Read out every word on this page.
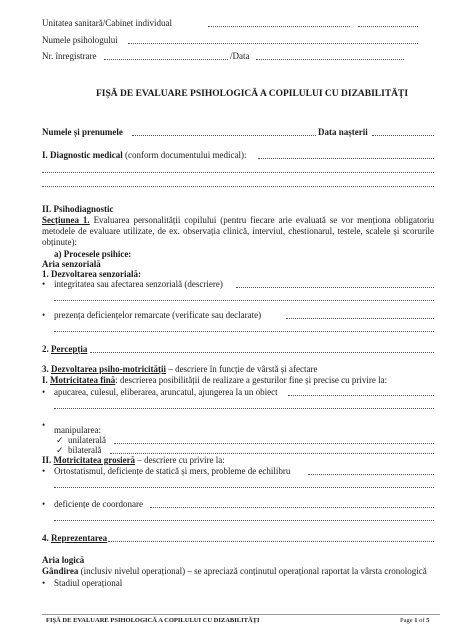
Unitatea sanitară/Cabinet individual
Numele psihologului
Nr. înregistrare	/Data
FIȘĂ DE EVALUARE PSIHOLOGICĂ A COPILULUI CU DIZABILITĂȚI
Numele și prenumele	Data nașterii
I. Diagnostic medical (conform documentului medical):
II. Psihodiagnostic
Secțiunea 1. Evaluarea personalității copilului (pentru fiecare arie evaluată se vor menționa obligatoriu metodele de evaluare utilizate, de ex. observația clinică, interviul, chestionarul, testele, scalele și scorurile obținute):
a) Procesele psihice:
Aria senzorială
1. Dezvoltarea senzorială:
• integritatea sau afectarea senzorială (descriere)
• prezența deficiențelor remarcate (verificate sau declarate)
2. Percepția
3. Dezvoltarea psiho-motricității – descriere în funcție de vârstă și afectare
I. Motricitatea fină: descrierea posibilității de realizare a gesturilor fine și precise cu privire la:
• apucarea, culesul, eliberarea, aruncatul, ajungerea la un obiect
• manipularea:
✓ unilaterală
✓ bilaterală
II. Motricitatea grosieră – descriere cu privire la:
• Ortostatismul, deficiențe de statică și mers, probleme de echilibru
• deficiențe de coordonare
4. Reprezentarea
Aria logică
Gândirea (inclusiv nivelul operațional) – se apreciază conținutul operațional raportat la vârsta cronologică
• Stadiul operațional
FIȘĂ DE EVALUARE PSIHOLOGICĂ A COPILULUI CU DIZABILITĂȚI	Page 1 of 5
